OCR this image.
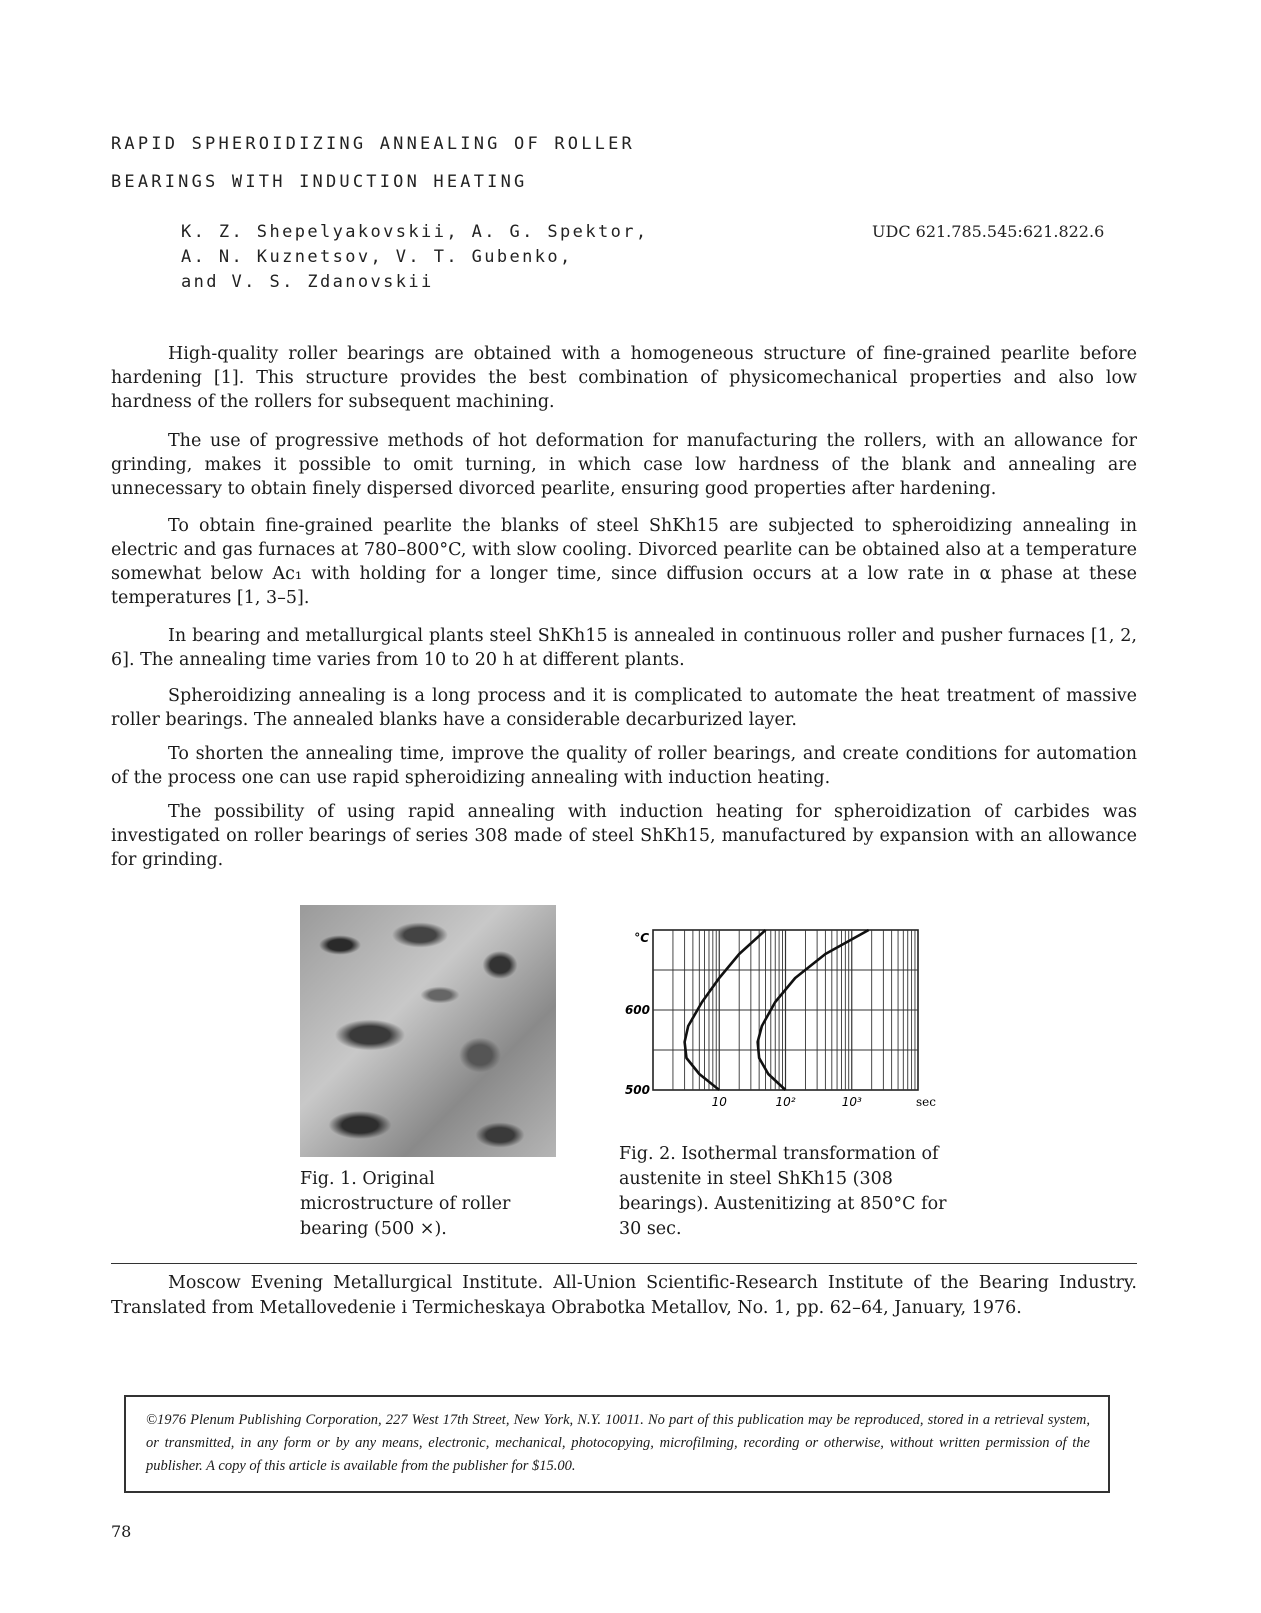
RAPID SPHEROIDIZING ANNEALING OF ROLLER
BEARINGS WITH INDUCTION HEATING
K. Z. Shepelyakovskii, A. G. Spektor,
A. N. Kuznetsov, V. T. Gubenko,
and V. S. Zdanovskii
UDC 621.785.545:621.822.6

High-quality roller bearings are obtained with a homogeneous structure of fine-grained pearlite before hardening [1]. This structure provides the best combination of physicomechanical properties and also low hardness of the rollers for subsequent machining.

The use of progressive methods of hot deformation for manufacturing the rollers, with an allowance for grinding, makes it possible to omit turning, in which case low hardness of the blank and annealing are unnecessary to obtain finely dispersed divorced pearlite, ensuring good properties after hardening.

To obtain fine-grained pearlite the blanks of steel ShKh15 are subjected to spheroidizing annealing in electric and gas furnaces at 780–800°C, with slow cooling. Divorced pearlite can be obtained also at a temperature somewhat below Ac₁ with holding for a longer time, since diffusion occurs at a low rate in α phase at these temperatures [1, 3–5].

In bearing and metallurgical plants steel ShKh15 is annealed in continuous roller and pusher furnaces [1, 2, 6]. The annealing time varies from 10 to 20 h at different plants.

Spheroidizing annealing is a long process and it is complicated to automate the heat treatment of massive roller bearings. The annealed blanks have a considerable decarburized layer.

To shorten the annealing time, improve the quality of roller bearings, and create conditions for automation of the process one can use rapid spheroidizing annealing with induction heating.

The possibility of using rapid annealing with induction heating for spheroidization of carbides was investigated on roller bearings of series 308 made of steel ShKh15, manufactured by expansion with an allowance for grinding.

Fig. 1. Original microstructure of roller bearing (500 ×).
600
500
°C
10	10²	10³	sec
Fig. 2. Isothermal transformation of austenite in steel ShKh15 (308 bearings). Austenitizing at 850°C for 30 sec.

Moscow Evening Metallurgical Institute. All-Union Scientific-Research Institute of the Bearing Industry. Translated from Metallovedenie i Termicheskaya Obrabotka Metallov, No. 1, pp. 62–64, January, 1976.

©1976 Plenum Publishing Corporation, 227 West 17th Street, New York, N.Y. 10011. No part of this publication may be reproduced, stored in a retrieval system, or transmitted, in any form or by any means, electronic, mechanical, photocopying, microfilming, recording or otherwise, without written permission of the publisher. A copy of this article is available from the publisher for $15.00.

78
